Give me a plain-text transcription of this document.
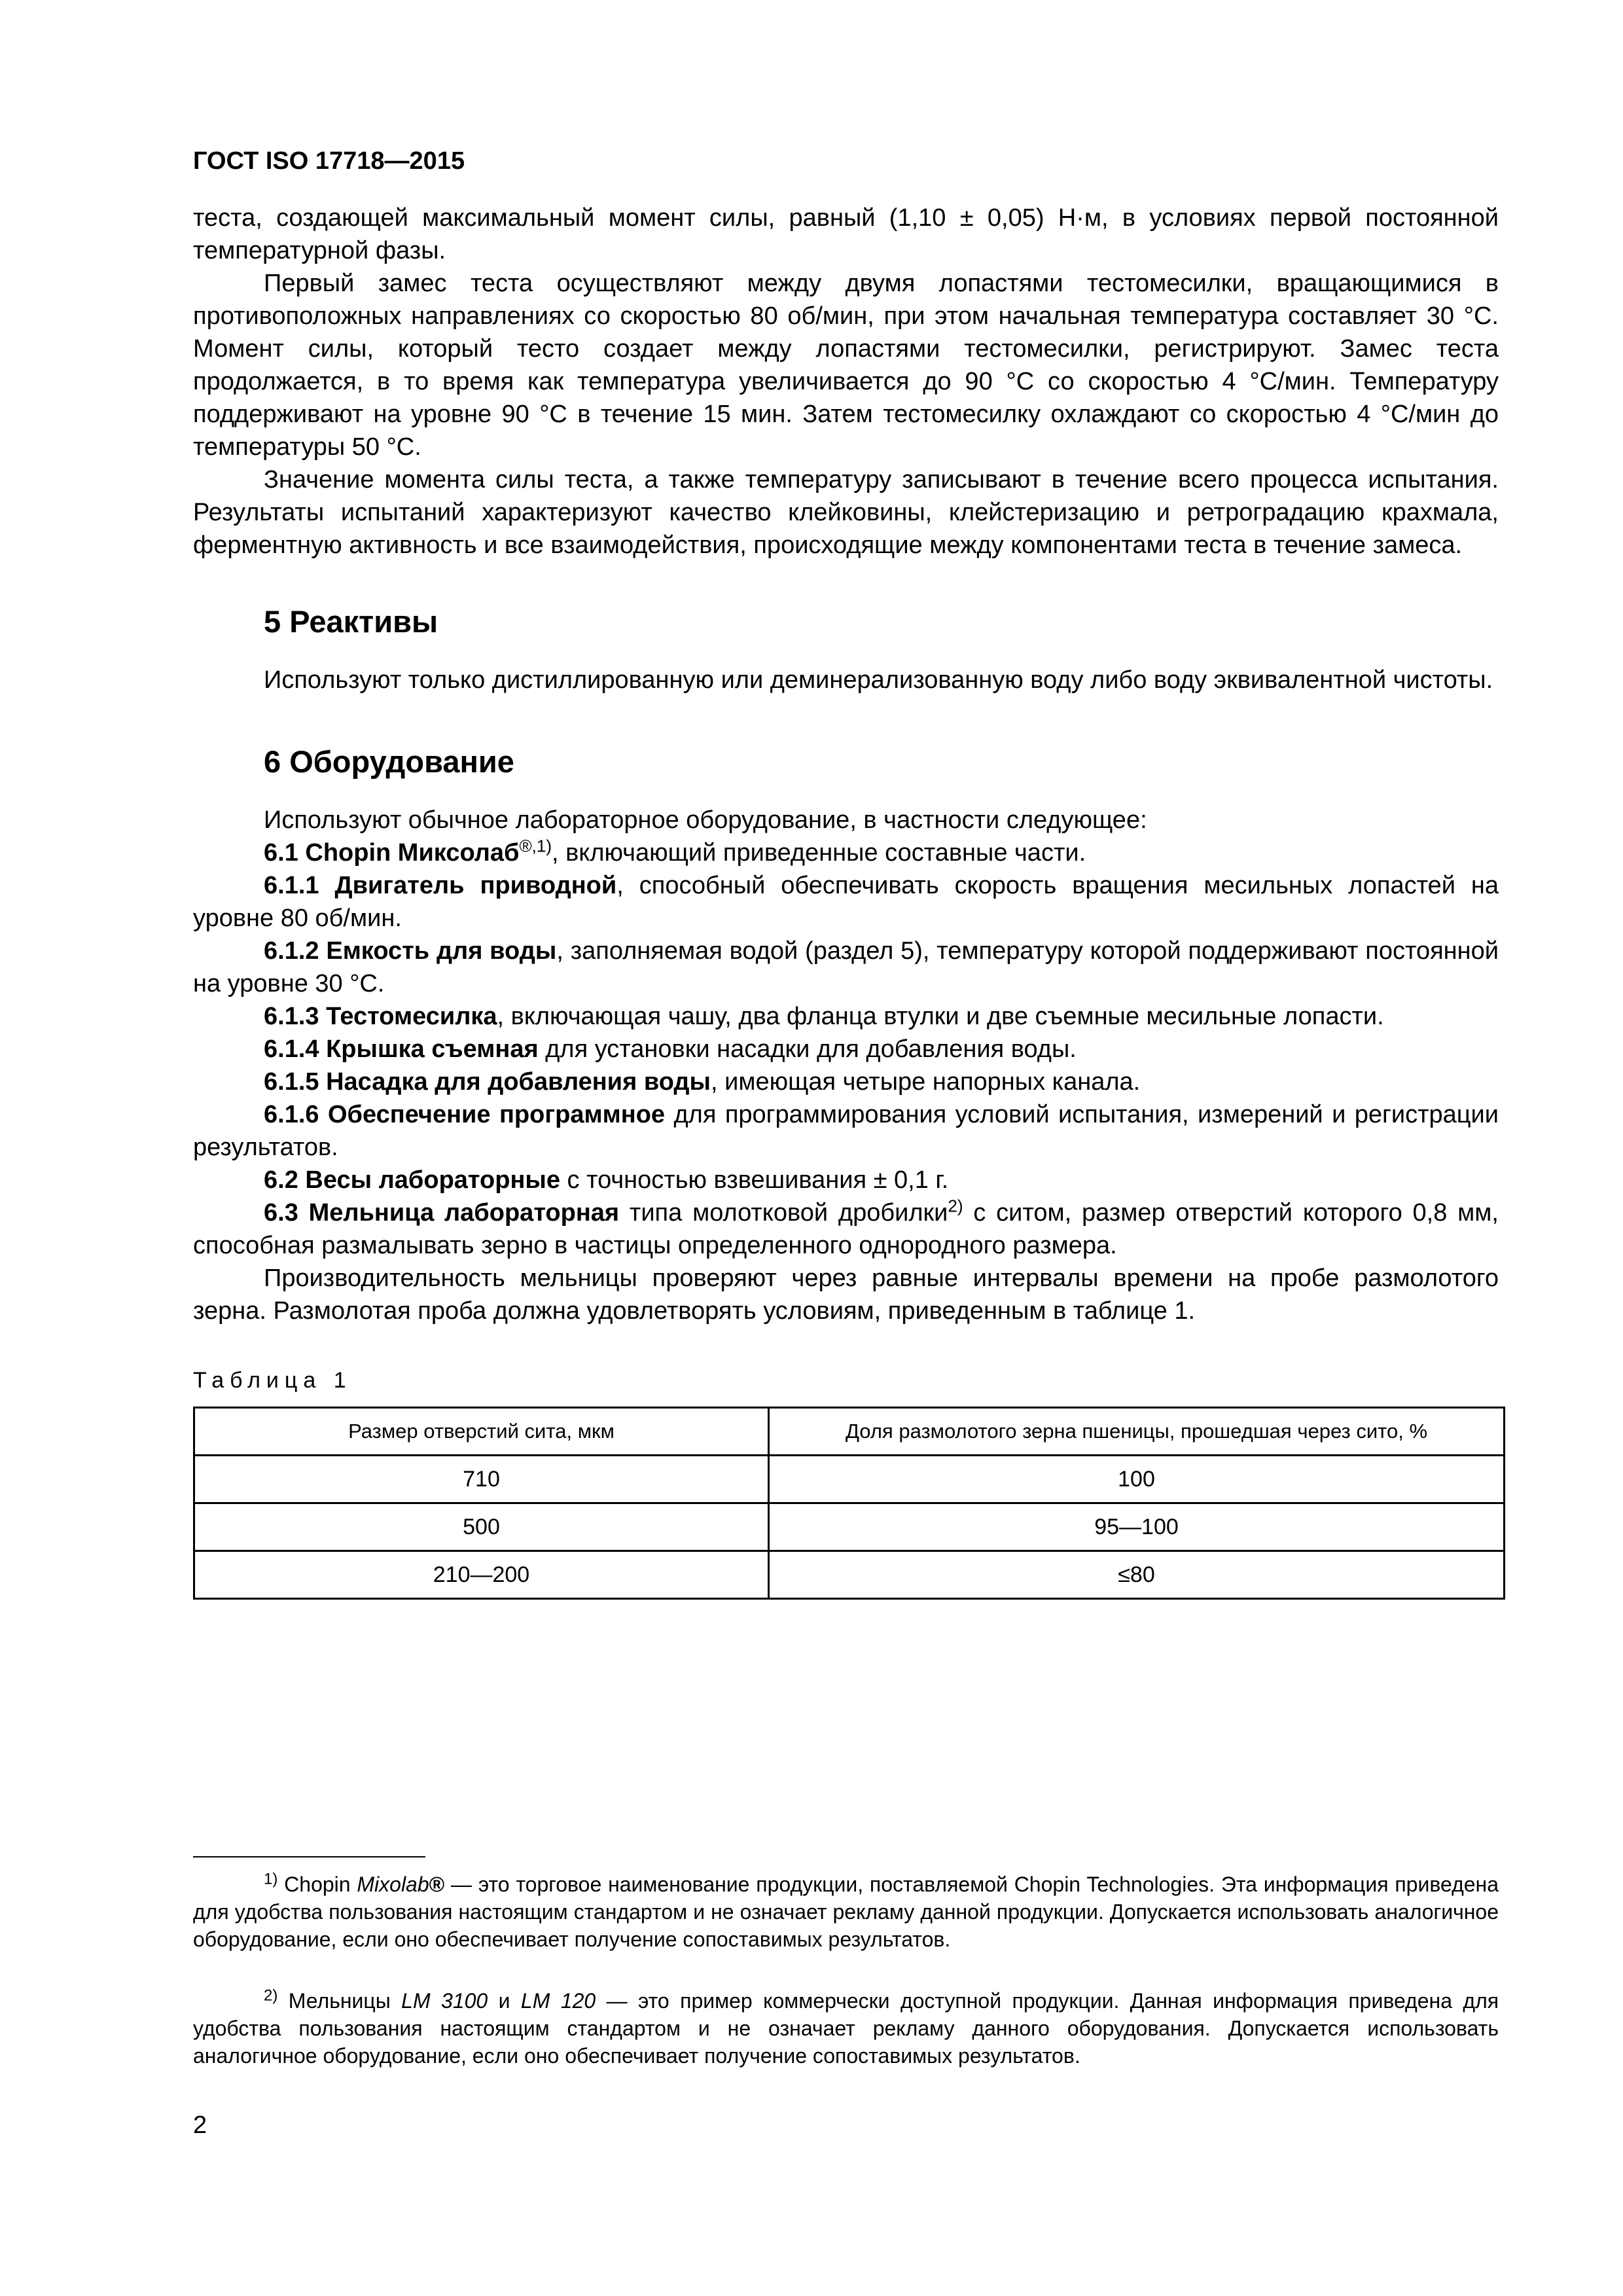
ГОСТ ISO 17718—2015

теста, создающей максимальный момент силы, равный (1,10 ± 0,05) Н·м, в условиях первой постоянной температурной фазы.

Первый замес теста осуществляют между двумя лопастями тестомесилки, вращающимися в противоположных направлениях со скоростью 80 об/мин, при этом начальная температура составляет 30 °С. Момент силы, который тесто создает между лопастями тестомесилки, регистрируют. Замес теста продолжается, в то время как температура увеличивается до 90 °С со скоростью 4 °С/мин. Температуру поддерживают на уровне 90 °С в течение 15 мин. Затем тестомесилку охлаждают со скоростью 4 °С/мин до температуры 50 °С.

Значение момента силы теста, а также температуру записывают в течение всего процесса испытания. Результаты испытаний характеризуют качество клейковины, клейстеризацию и ретроградацию крахмала, ферментную активность и все взаимодействия, происходящие между компонентами теста в течение замеса.

5 Реактивы

Используют только дистиллированную или деминерализованную воду либо воду эквивалентной чистоты.

6 Оборудование

Используют обычное лабораторное оборудование, в частности следующее:

6.1 Chopin Миксолаб$^{®,1)}$, включающий приведенные составные части.

6.1.1 Двигатель приводной, способный обеспечивать скорость вращения месильных лопастей на уровне 80 об/мин.

6.1.2 Емкость для воды, заполняемая водой (раздел 5), температуру которой поддерживают постоянной на уровне 30 °С.

6.1.3 Тестомесилка, включающая чашу, два фланца втулки и две съемные месильные лопасти.

6.1.4 Крышка съемная для установки насадки для добавления воды.

6.1.5 Насадка для добавления воды, имеющая четыре напорных канала.

6.1.6 Обеспечение программное для программирования условий испытания, измерений и регистрации результатов.

6.2 Весы лабораторные с точностью взвешивания ± 0,1 г.

6.3 Мельница лабораторная типа молотковой дробилки$^{2)}$ с ситом, размер отверстий которого 0,8 мм, способная размалывать зерно в частицы определенного однородного размера.

Производительность мельницы проверяют через равные интервалы времени на пробе размолотого зерна. Размолотая проба должна удовлетворять условиям, приведенным в таблице 1.

Таблица 1
Размер отверстий сита, мкм	Доля размолотого зерна пшеницы, прошедшая через сито, %
710	100
500	95—100
210—200	≤80

$^{1)}$ Chopin Mixolab® — это торговое наименование продукции, поставляемой Chopin Technologies. Эта информация приведена для удобства пользования настоящим стандартом и не означает рекламу данной продукции. Допускается использовать аналогичное оборудование, если оно обеспечивает получение сопоставимых результатов.

$^{2)}$ Мельницы LM 3100 и LM 120 — это пример коммерчески доступной продукции. Данная информация приведена для удобства пользования настоящим стандартом и не означает рекламу данного оборудования. Допускается использовать аналогичное оборудование, если оно обеспечивает получение сопоставимых результатов.

2
